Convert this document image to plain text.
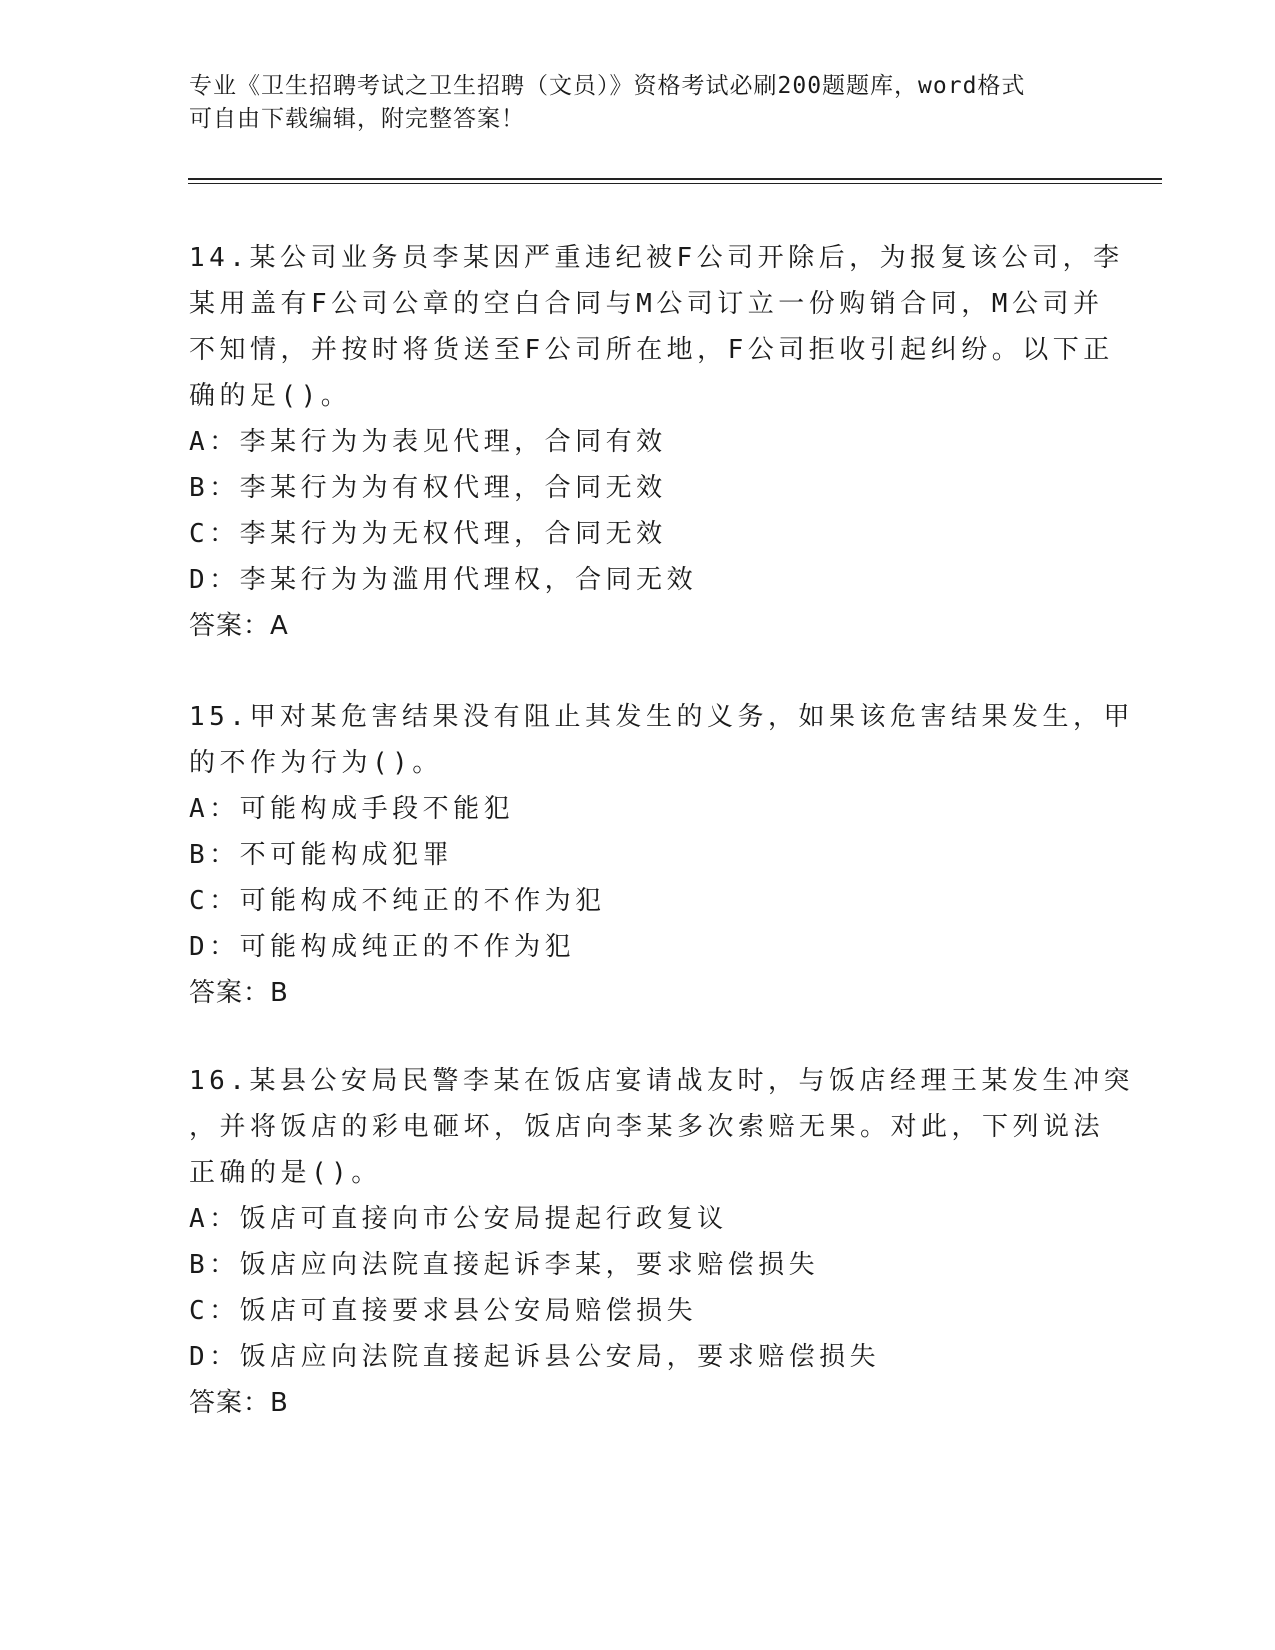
专业《卫生招聘考试之卫生招聘（文员）》资格考试必刷200题题库，word格式
可自由下载编辑，附完整答案！
14.某公司业务员李某因严重违纪被F公司开除后，为报复该公司，李
某用盖有F公司公章的空白合同与M公司订立一份购销合同，M公司并
不知情，并按时将货送至F公司所在地，F公司拒收引起纠纷。以下正
确的足()。
A：李某行为为表见代理，合同有效
B：李某行为为有权代理，合同无效
C：李某行为为无权代理，合同无效
D：李某行为为滥用代理权，合同无效
答案：A
15.甲对某危害结果没有阻止其发生的义务，如果该危害结果发生，甲
的不作为行为()。
A：可能构成手段不能犯
B：不可能构成犯罪
C：可能构成不纯正的不作为犯
D：可能构成纯正的不作为犯
答案：B
16.某县公安局民警李某在饭店宴请战友时，与饭店经理王某发生冲突
，并将饭店的彩电砸坏，饭店向李某多次索赔无果。对此，下列说法
正确的是()。
A：饭店可直接向市公安局提起行政复议
B：饭店应向法院直接起诉李某，要求赔偿损失
C：饭店可直接要求县公安局赔偿损失
D：饭店应向法院直接起诉县公安局，要求赔偿损失
答案：B
